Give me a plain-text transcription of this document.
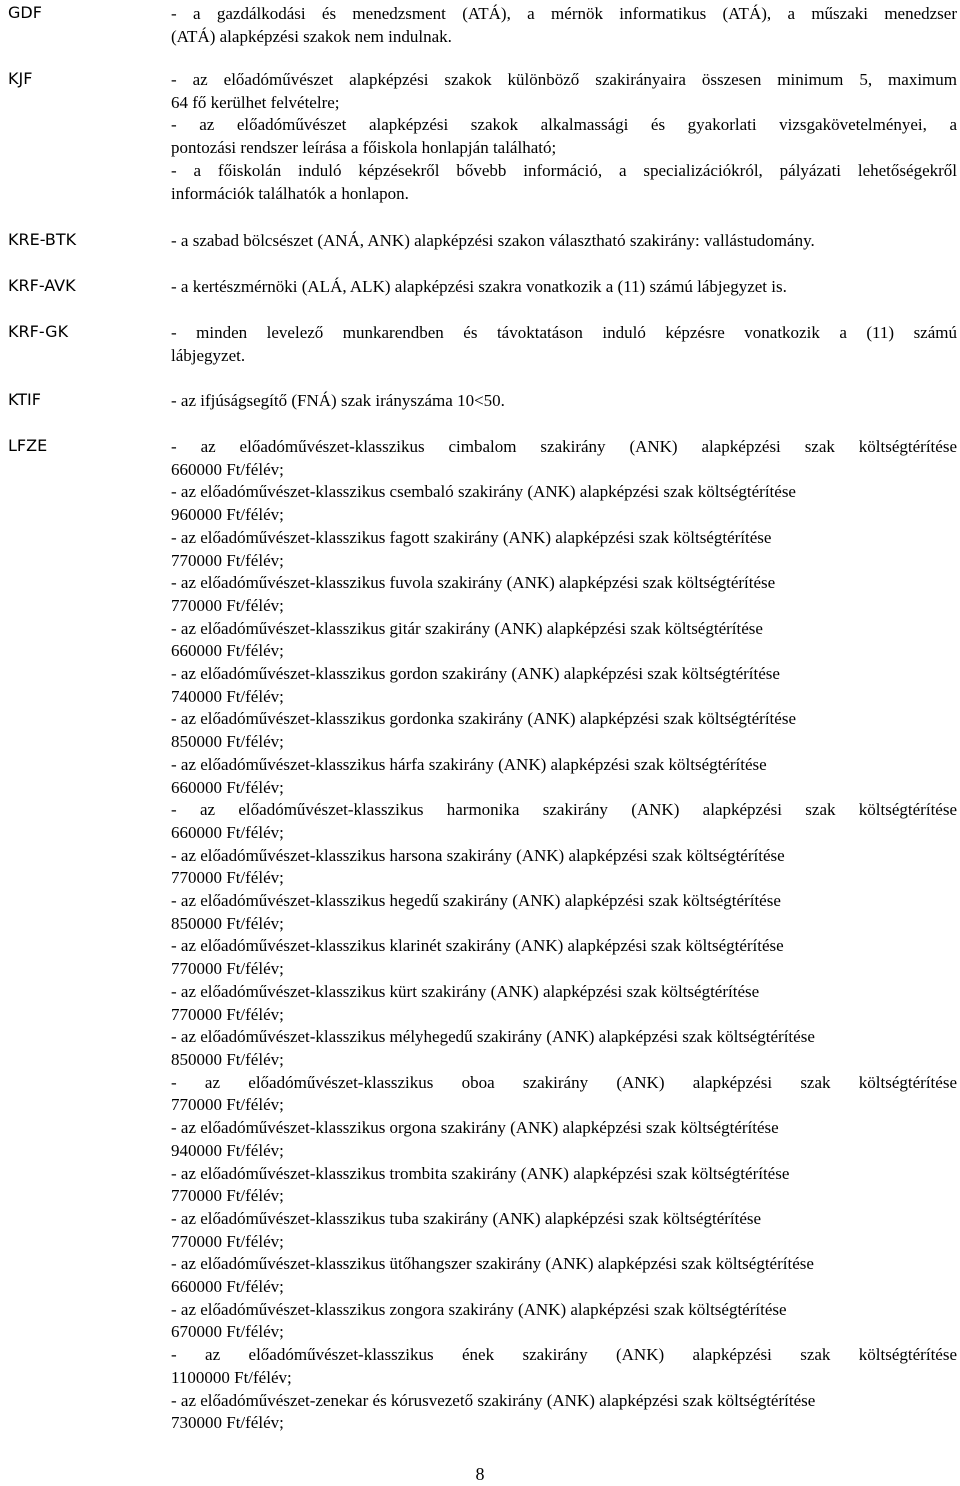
GDF	- a gazdálkodási és menedzsment (ATÁ), a mérnök informatikus (ATÁ), a műszaki menedzser

(ATÁ) alapképzési szakok nem indulnak.

KJF	- az előadóművészet alapképzési szakok különböző szakirányaira összesen minimum 5, maximum

64 fő kerülhet felvételre;

- az előadóművészet alapképzési szakok alkalmassági és gyakorlati vizsgakövetelményei, a

pontozási rendszer leírása a főiskola honlapján található;

- a főiskolán induló képzésekről bővebb információ, a specializációkról, pályázati lehetőségekről

információk találhatók a honlapon.

KRE-BTK	- a szabad bölcsészet (ANÁ, ANK) alapképzési szakon választható szakirány: vallástudomány.

KRF-AVK	- a kertészmérnöki (ALÁ, ALK) alapképzési szakra vonatkozik a (11) számú lábjegyzet is.

KRF-GK	- minden levelező munkarendben és távoktatáson induló képzésre vonatkozik a (11) számú

lábjegyzet.

KTIF	- az ifjúságsegítő (FNÁ) szak irányszáma 10<50.

LFZE	- az előadóművészet-klasszikus cimbalom szakirány (ANK) alapképzési szak költségtérítése

660000 Ft/félév;

- az előadóművészet-klasszikus csembaló szakirány (ANK) alapképzési szak költségtérítése

960000 Ft/félév;

- az előadóművészet-klasszikus fagott szakirány (ANK) alapképzési szak költségtérítése

770000 Ft/félév;

- az előadóművészet-klasszikus fuvola szakirány (ANK) alapképzési szak költségtérítése

770000 Ft/félév;

- az előadóművészet-klasszikus gitár szakirány (ANK) alapképzési szak költségtérítése

660000 Ft/félév;

- az előadóművészet-klasszikus gordon szakirány (ANK) alapképzési szak költségtérítése

740000 Ft/félév;

- az előadóművészet-klasszikus gordonka szakirány (ANK) alapképzési szak költségtérítése

850000 Ft/félév;

- az előadóművészet-klasszikus hárfa szakirány (ANK) alapképzési szak költségtérítése

660000 Ft/félév;

- az előadóművészet-klasszikus harmonika szakirány (ANK) alapképzési szak költségtérítése

660000 Ft/félév;

- az előadóművészet-klasszikus harsona szakirány (ANK) alapképzési szak költségtérítése

770000 Ft/félév;

- az előadóművészet-klasszikus hegedű szakirány (ANK) alapképzési szak költségtérítése

850000 Ft/félév;

- az előadóművészet-klasszikus klarinét szakirány (ANK) alapképzési szak költségtérítése

770000 Ft/félév;

- az előadóművészet-klasszikus kürt szakirány (ANK) alapképzési szak költségtérítése

770000 Ft/félév;

- az előadóművészet-klasszikus mélyhegedű szakirány (ANK) alapképzési szak költségtérítése

850000 Ft/félév;

- az előadóművészet-klasszikus oboa szakirány (ANK) alapképzési szak költségtérítése

770000 Ft/félév;

- az előadóművészet-klasszikus orgona szakirány (ANK) alapképzési szak költségtérítése

940000 Ft/félév;

- az előadóművészet-klasszikus trombita szakirány (ANK) alapképzési szak költségtérítése

770000 Ft/félév;

- az előadóművészet-klasszikus tuba szakirány (ANK) alapképzési szak költségtérítése

770000 Ft/félév;

- az előadóművészet-klasszikus ütőhangszer szakirány (ANK) alapképzési szak költségtérítése

660000 Ft/félév;

- az előadóművészet-klasszikus zongora szakirány (ANK) alapképzési szak költségtérítése

670000 Ft/félév;

- az előadóművészet-klasszikus ének szakirány (ANK) alapképzési szak költségtérítése

1100000 Ft/félév;

- az előadóművészet-zenekar és kórusvezető szakirány (ANK) alapképzési szak költségtérítése

730000 Ft/félév;

8
